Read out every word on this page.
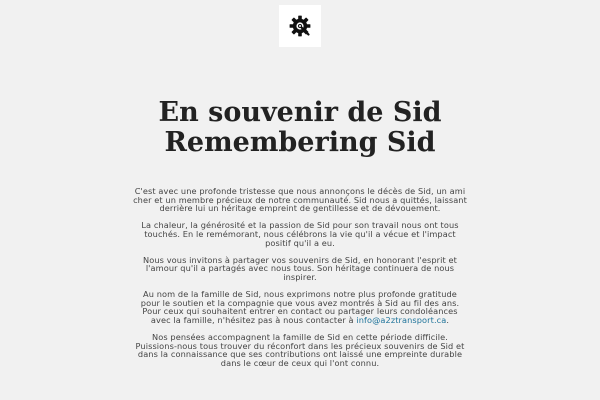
En souvenir de Sid
Remembering Sid

C'est avec une profonde tristesse que nous annonçons le décès de Sid, un ami cher et un membre précieux de notre communauté. Sid nous a quittés, laissant derrière lui un héritage empreint de gentillesse et de dévouement.

La chaleur, la générosité et la passion de Sid pour son travail nous ont tous touchés. En le remémorant, nous célébrons la vie qu'il a vécue et l'impact positif qu'il a eu.

Nous vous invitons à partager vos souvenirs de Sid, en honorant l'esprit et l'amour qu'il a partagés avec nous tous. Son héritage continuera de nous inspirer.

Au nom de la famille de Sid, nous exprimons notre plus profonde gratitude pour le soutien et la compagnie que vous avez montrés à Sid au fil des ans. Pour ceux qui souhaitent entrer en contact ou partager leurs condoléances avec la famille, n'hésitez pas à nous contacter à info@a2ztransport.ca.

Nos pensées accompagnent la famille de Sid en cette période difficile. Puissions-nous tous trouver du réconfort dans les précieux souvenirs de Sid et dans la connaissance que ses contributions ont laissé une empreinte durable dans le cœur de ceux qui l'ont connu.
